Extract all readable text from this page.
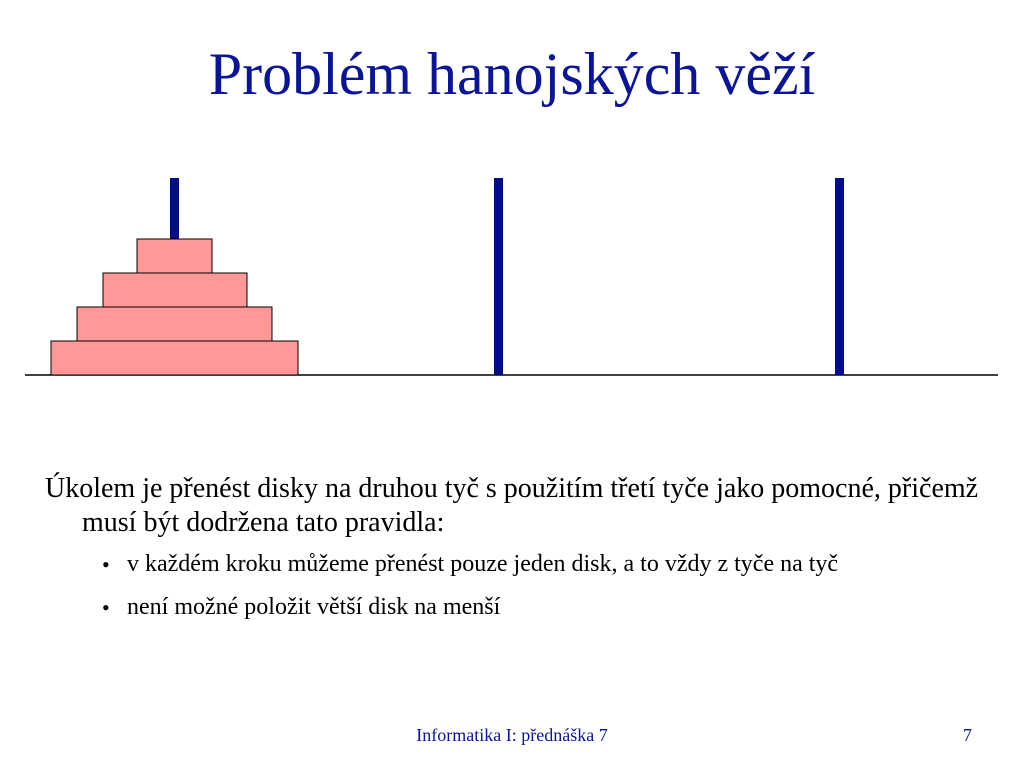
Problém hanojských věží

Úkolem je přenést disky na druhou tyč s použitím třetí tyče jako pomocné, přičemž musí být dodržena tato pravidla:

• v každém kroku můžeme přenést pouze jeden disk, a to vždy z tyče na tyč
• není možné položit větší disk na menší
Informatika I: přednáška 7	7
